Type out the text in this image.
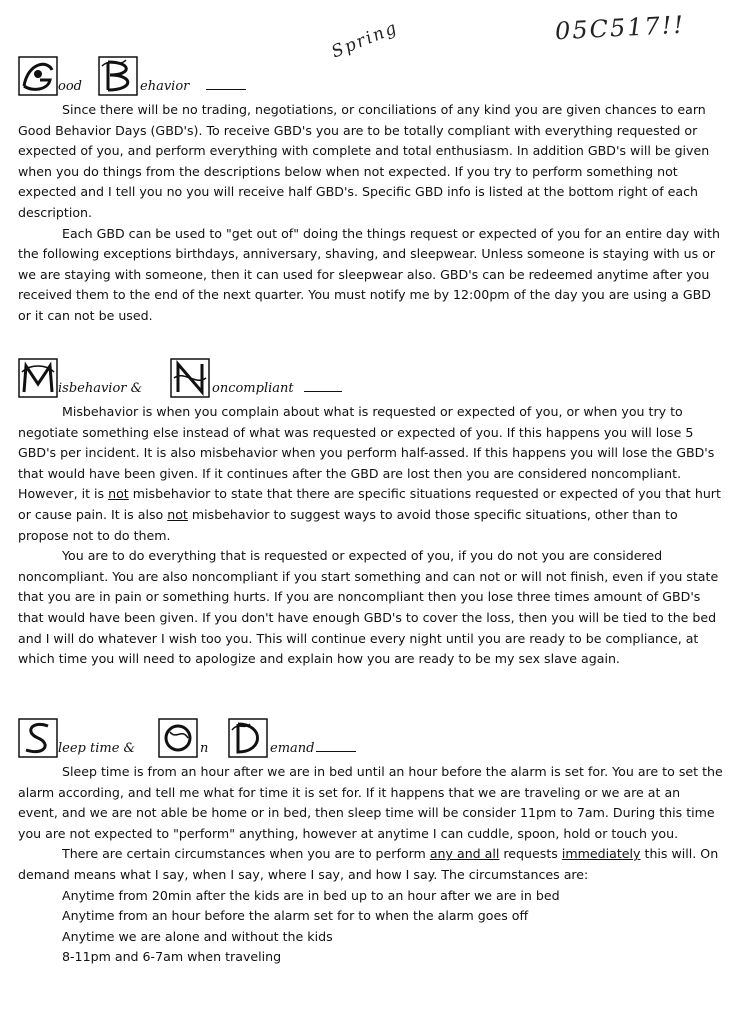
05C517!!
Spring
ood	ehavior

Since there will be no trading, negotiations, or conciliations of any kind you are given chances to earn Good Behavior Days (GBD's). To receive GBD's you are to be totally compliant with everything requested or expected of you, and perform everything with complete and total enthusiasm. In addition GBD's will be given when you do things from the descriptions below when not expected. If you try to perform something not expected and I tell you no you will receive half GBD's. Specific GBD info is listed at the bottom right of each description.

Each GBD can be used to "get out of" doing the things request or expected of you for an entire day with the following exceptions birthdays, anniversary, shaving, and sleepwear. Unless someone is staying with us or we are staying with someone, then it can used for sleepwear also. GBD's can be redeemed anytime after you received them to the end of the next quarter. You must notify me by 12:00pm of the day you are using a GBD or it can not be used.

isbehavior &	oncompliant

Misbehavior is when you complain about what is requested or expected of you, or when you try to negotiate something else instead of what was requested or expected of you. If this happens you will lose 5 GBD's per incident. It is also misbehavior when you perform half-assed. If this happens you will lose the GBD's that would have been given. If it continues after the GBD are lost then you are considered noncompliant. However, it is not misbehavior to state that there are specific situations requested or expected of you that hurt or cause pain. It is also not misbehavior to suggest ways to avoid those specific situations, other than to propose not to do them.

You are to do everything that is requested or expected of you, if you do not you are considered noncompliant. You are also noncompliant if you start something and can not or will not finish, even if you state that you are in pain or something hurts. If you are noncompliant then you lose three times amount of GBD's that would have been given. If you don't have enough GBD's to cover the loss, then you will be tied to the bed and I will do whatever I wish too you. This will continue every night until you are ready to be compliance, at which time you will need to apologize and explain how you are ready to be my sex slave again.

leep time &	n	emand

Sleep time is from an hour after we are in bed until an hour before the alarm is set for. You are to set the alarm according, and tell me what for time it is set for. If it happens that we are traveling or we are at an event, and we are not able be home or in bed, then sleep time will be consider 11pm to 7am. During this time you are not expected to "perform" anything, however at anytime I can cuddle, spoon, hold or touch you.

There are certain circumstances when you are to perform any and all requests immediately this will. On demand means what I say, when I say, where I say, and how I say. The circumstances are:

Anytime from 20min after the kids are in bed up to an hour after we are in bed
Anytime from an hour before the alarm set for to when the alarm goes off
Anytime we are alone and without the kids
8-11pm and 6-7am when traveling
